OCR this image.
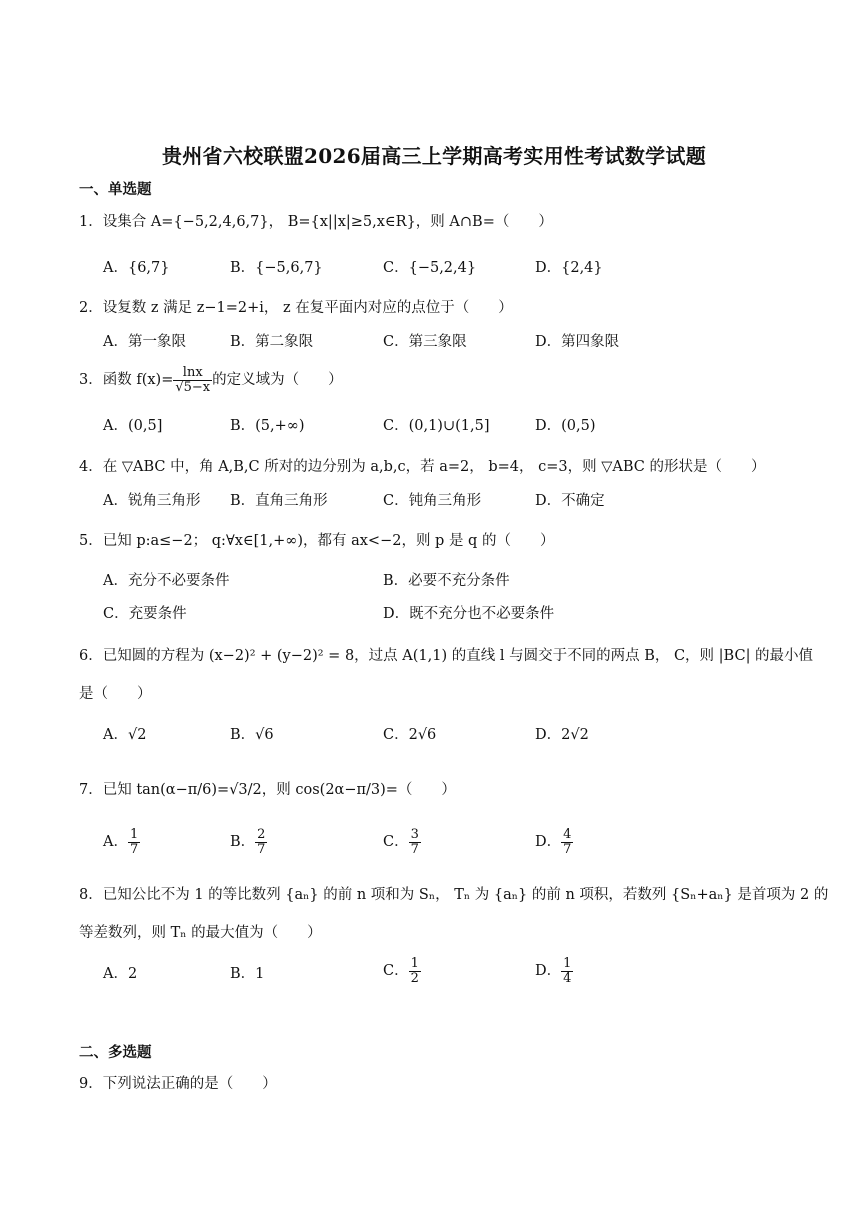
贵州省六校联盟2026届高三上学期高考实用性考试数学试题
一、单选题
1．设集合 A={−5,2,4,6,7}， B={x||x|≥5,x∈R}，则 A∩B=（　　）
A．{6,7}	B．{−5,6,7}	C．{−5,2,4}	D．{2,4}
2．设复数 z 满足 z−1=2+i， z 在复平面内对应的点位于（　　）
A．第一象限	B．第二象限	C．第三象限	D．第四象限
3．函数 $f(x)= \frac{\ln x}{√5-x}$ 的定义域为（　　）
A．(0,5]	B．(5,+∞)	C．(0,1)∪(1,5]	D．(0,5)
4．在 ▽ABC 中，角 A,B,C 所对的边分别为 a,b,c，若 a=2， b=4， c=3，则 ▽ABC 的形状是（　　）
A．锐角三角形 B．直角三角形	C．钝角三角形	D．不确定
5．已知 p:a≤−2； q:∀x∈[1,+∞)，都有 ax<−2，则 p 是 q 的（　　）
A．充分不必要条件	B．必要不充分条件
C．充要条件	D．既不充分也不必要条件
6．已知圆的方程为 (x−2)² + (y−2)² = 8，过点 A(1,1) 的直线 l 与圆交于不同的两点 B， C，则 |BC| 的最小值
是（　　）
A．√2	B．√6	C．2√6	D．2√2
7．已知 tan(α−π/6)=√3/2，则 cos(2α−π/3)=（　　）
A． $\frac{1}{7}$	B． $\frac{2}{7}$	C． $\frac{3}{7}$	D． $\frac{4}{7}$
8．已知公比不为 1 的等比数列 {aₙ} 的前 n 项和为 Sₙ， Tₙ 为 {aₙ} 的前 n 项积，若数列 {Sₙ+aₙ} 是首项为 2 的
等差数列，则 Tₙ 的最大值为（　　）
A．2	B．1	C． $\frac{1}{2}$	D． $\frac{1}{4}$
二、多选题
9．下列说法正确的是（　　）
